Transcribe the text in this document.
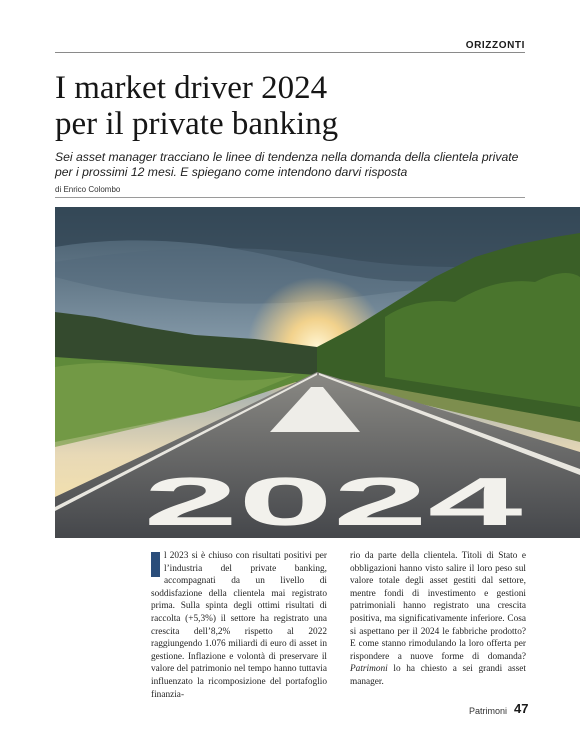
ORIZZONTI
I market driver 2024
per il private banking

Sei asset manager tracciano le linee di tendenza nella domanda della clientela private per i prossimi 12 mesi. E spiegano come intendono darvi risposta

di Enrico Colombo
2024
l 2023 si è chiuso con risultati positivi per l’industria del private banking, accompagnati da un livello di soddisfazione della clientela mai registrato prima. Sulla spinta degli ottimi risultati di raccolta (+5,3%) il settore ha registrato una crescita dell’8,2% rispetto al 2022 raggiungendo 1.076 miliardi di euro di asset in gestione. Inflazione e volontà di preservare il valore del patrimonio nel tempo hanno tuttavia influenzato la ricomposizione del portafoglio finanzia-
rio da parte della clientela. Titoli di Stato e obbligazioni hanno visto salire il loro peso sul valore totale degli asset gestiti dal settore, mentre fondi di investimento e gestioni patrimoniali hanno registrato una crescita positiva, ma significativamente inferiore. Cosa si aspettano per il 2024 le fabbriche prodotto? E come stanno rimodulando la loro offerta per rispondere a nuove forme di domanda? Patrimoni lo ha chiesto a sei grandi asset manager.
Patrimoni 47
